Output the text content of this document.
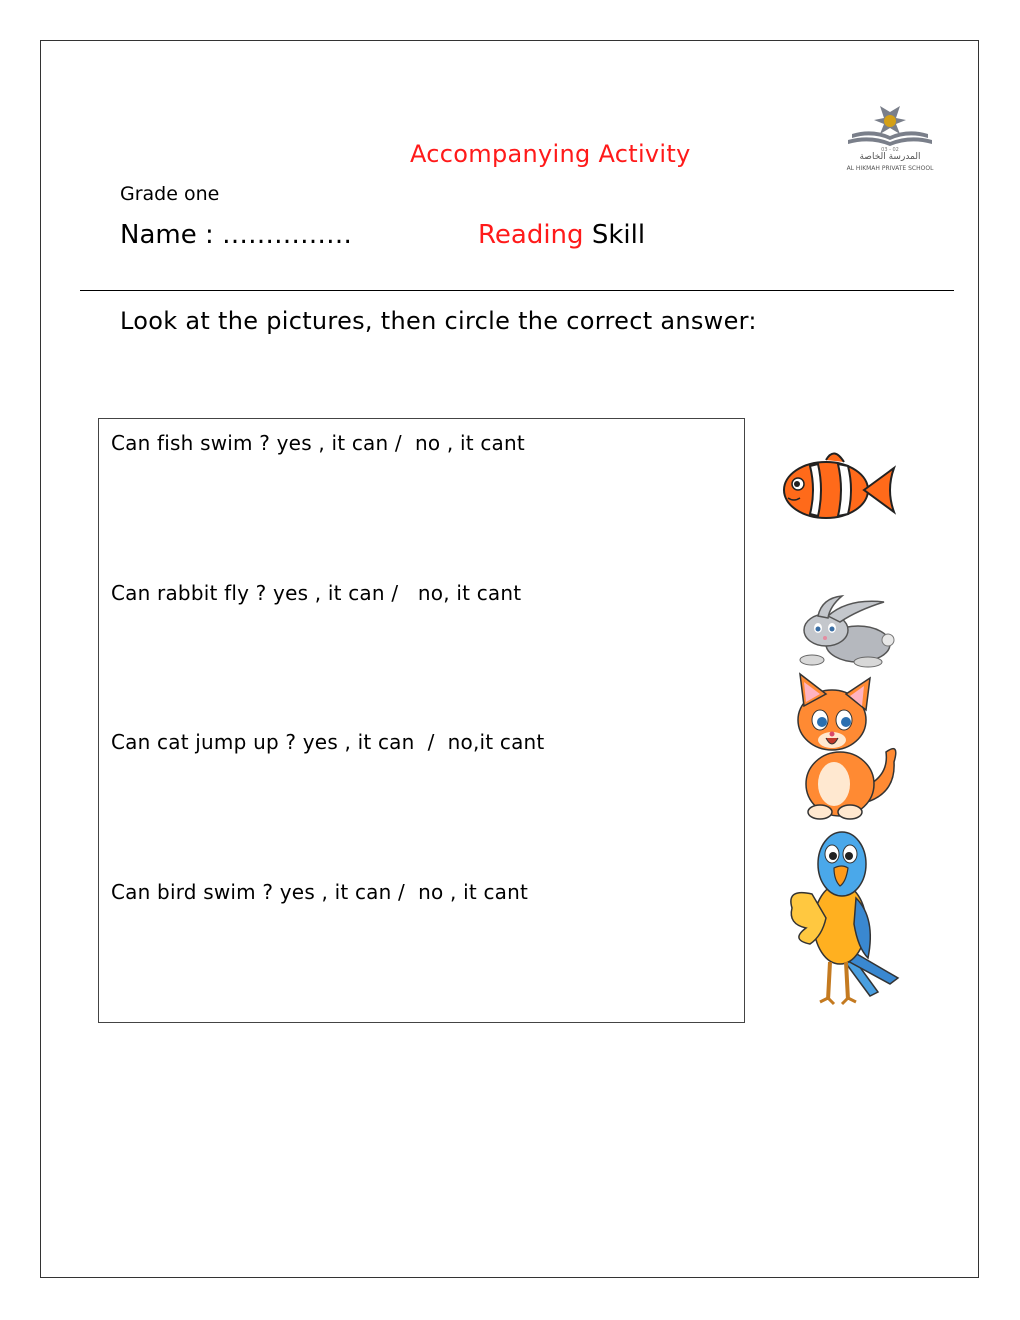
المدرسة الخاصة
AL HIKMAH PRIVATE SCHOOL
03 - 02
Accompanying Activity
Grade one
Name : ……………	Reading Skill
Look at the pictures, then circle the correct answer:
Can fish swim ? yes , it can /  no , it cant
Can rabbit fly ? yes , it can /   no, it cant
Can cat jump up ? yes , it can  /  no,it cant
Can bird swim ? yes , it can /  no , it cant
